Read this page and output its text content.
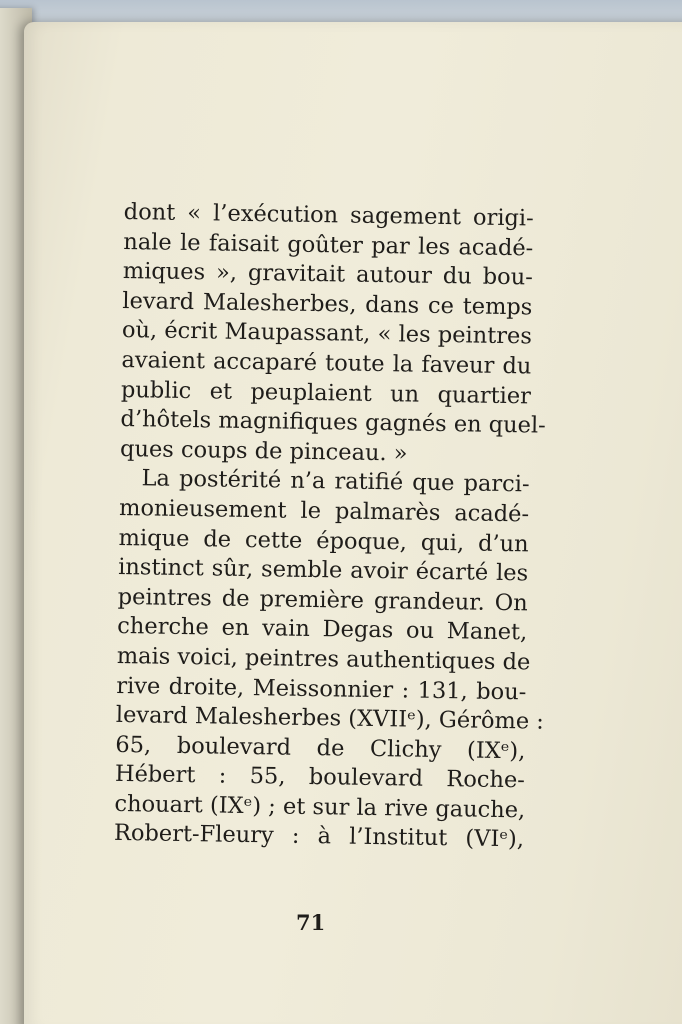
dont « l’exécution sagement origi-
nale le faisait goûter par les acadé-
miques », gravitait autour du bou-
levard Malesherbes, dans ce temps
où, écrit Maupassant, « les peintres
avaient accaparé toute la faveur du
public et peuplaient un quartier
d’hôtels magnifiques gagnés en quel-
ques coups de pinceau. »
La postérité n’a ratifié que parci-
monieusement le palmarès acadé-
mique de cette époque, qui, d’un
instinct sûr, semble avoir écarté les
peintres de première grandeur. On
cherche en vain Degas ou Manet,
mais voici, peintres authentiques de
rive droite, Meissonnier : 131, bou-
levard Malesherbes (XVIIᵉ), Gérôme :
65, boulevard de Clichy (IXᵉ),
Hébert : 55, boulevard Roche-
chouart (IXᵉ) ; et sur la rive gauche,
Robert-Fleury : à l’Institut (VIᵉ),
71
